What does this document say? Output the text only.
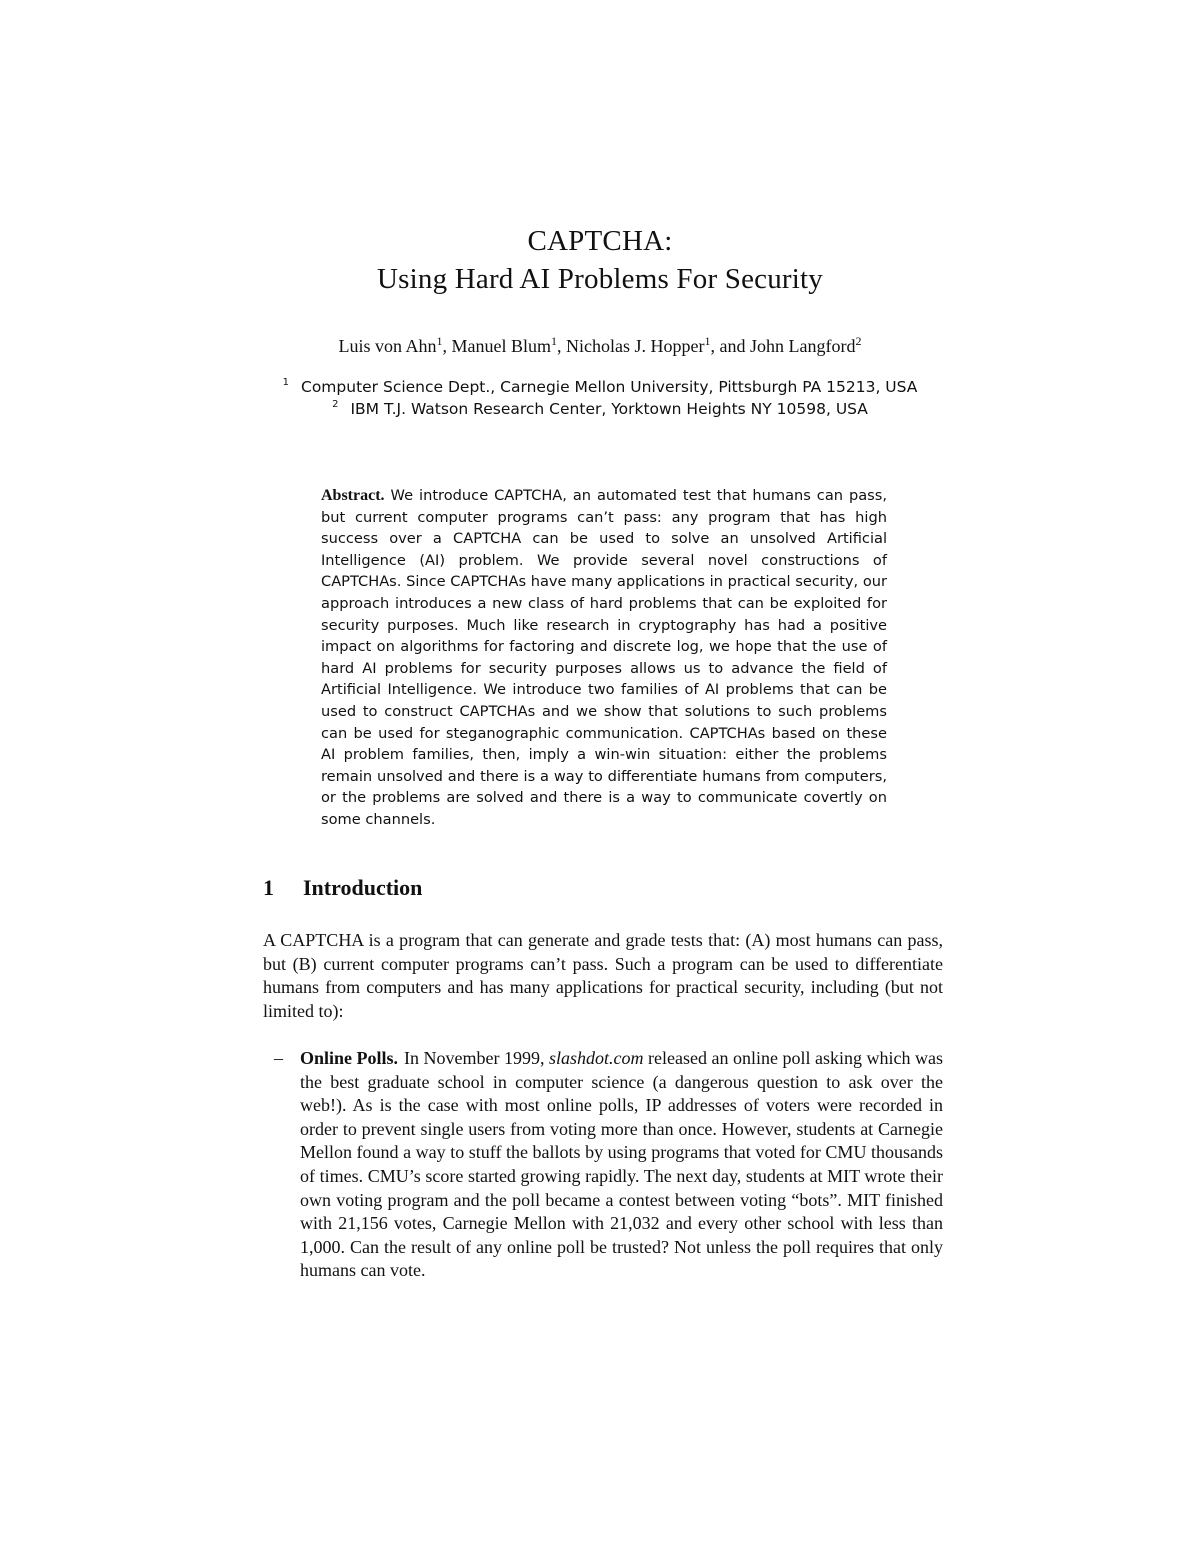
CAPTCHA:
Using Hard AI Problems For Security
Luis von Ahn$^1$, Manuel Blum$^1$, Nicholas J. Hopper$^1$, and John Langford$^2$
$^1$ Computer Science Dept., Carnegie Mellon University, Pittsburgh PA 15213, USA
$^2$ IBM T.J. Watson Research Center, Yorktown Heights NY 10598, USA
Abstract. We introduce CAPTCHA, an automated test that humans can pass, but current computer programs can’t pass: any program that has high success over a CAPTCHA can be used to solve an unsolved Artificial Intelligence (AI) problem. We provide several novel constructions of CAPTCHAs. Since CAPTCHAs have many applications in practical security, our approach introduces a new class of hard problems that can be exploited for security purposes. Much like research in cryptography has had a positive impact on algorithms for factoring and discrete log, we hope that the use of hard AI problems for security purposes allows us to advance the field of Artificial Intelligence. We introduce two families of AI problems that can be used to construct CAPTCHAs and we show that solutions to such problems can be used for steganographic communication. CAPTCHAs based on these AI problem families, then, imply a win-win situation: either the problems remain unsolved and there is a way to differentiate humans from computers, or the problems are solved and there is a way to communicate covertly on some channels.
1 Introduction
A CAPTCHA is a program that can generate and grade tests that: (A) most humans can pass, but (B) current computer programs can’t pass. Such a program can be used to differentiate humans from computers and has many applications for practical security, including (but not limited to):
– Online Polls. In November 1999, slashdot.com released an online poll asking which was the best graduate school in computer science (a dangerous question to ask over the web!). As is the case with most online polls, IP addresses of voters were recorded in order to prevent single users from voting more than once. However, students at Carnegie Mellon found a way to stuff the ballots by using programs that voted for CMU thousands of times. CMU’s score started growing rapidly. The next day, students at MIT wrote their own voting program and the poll became a contest between voting “bots”. MIT finished with 21,156 votes, Carnegie Mellon with 21,032 and every other school with less than 1,000. Can the result of any online poll be trusted? Not unless the poll requires that only humans can vote.
